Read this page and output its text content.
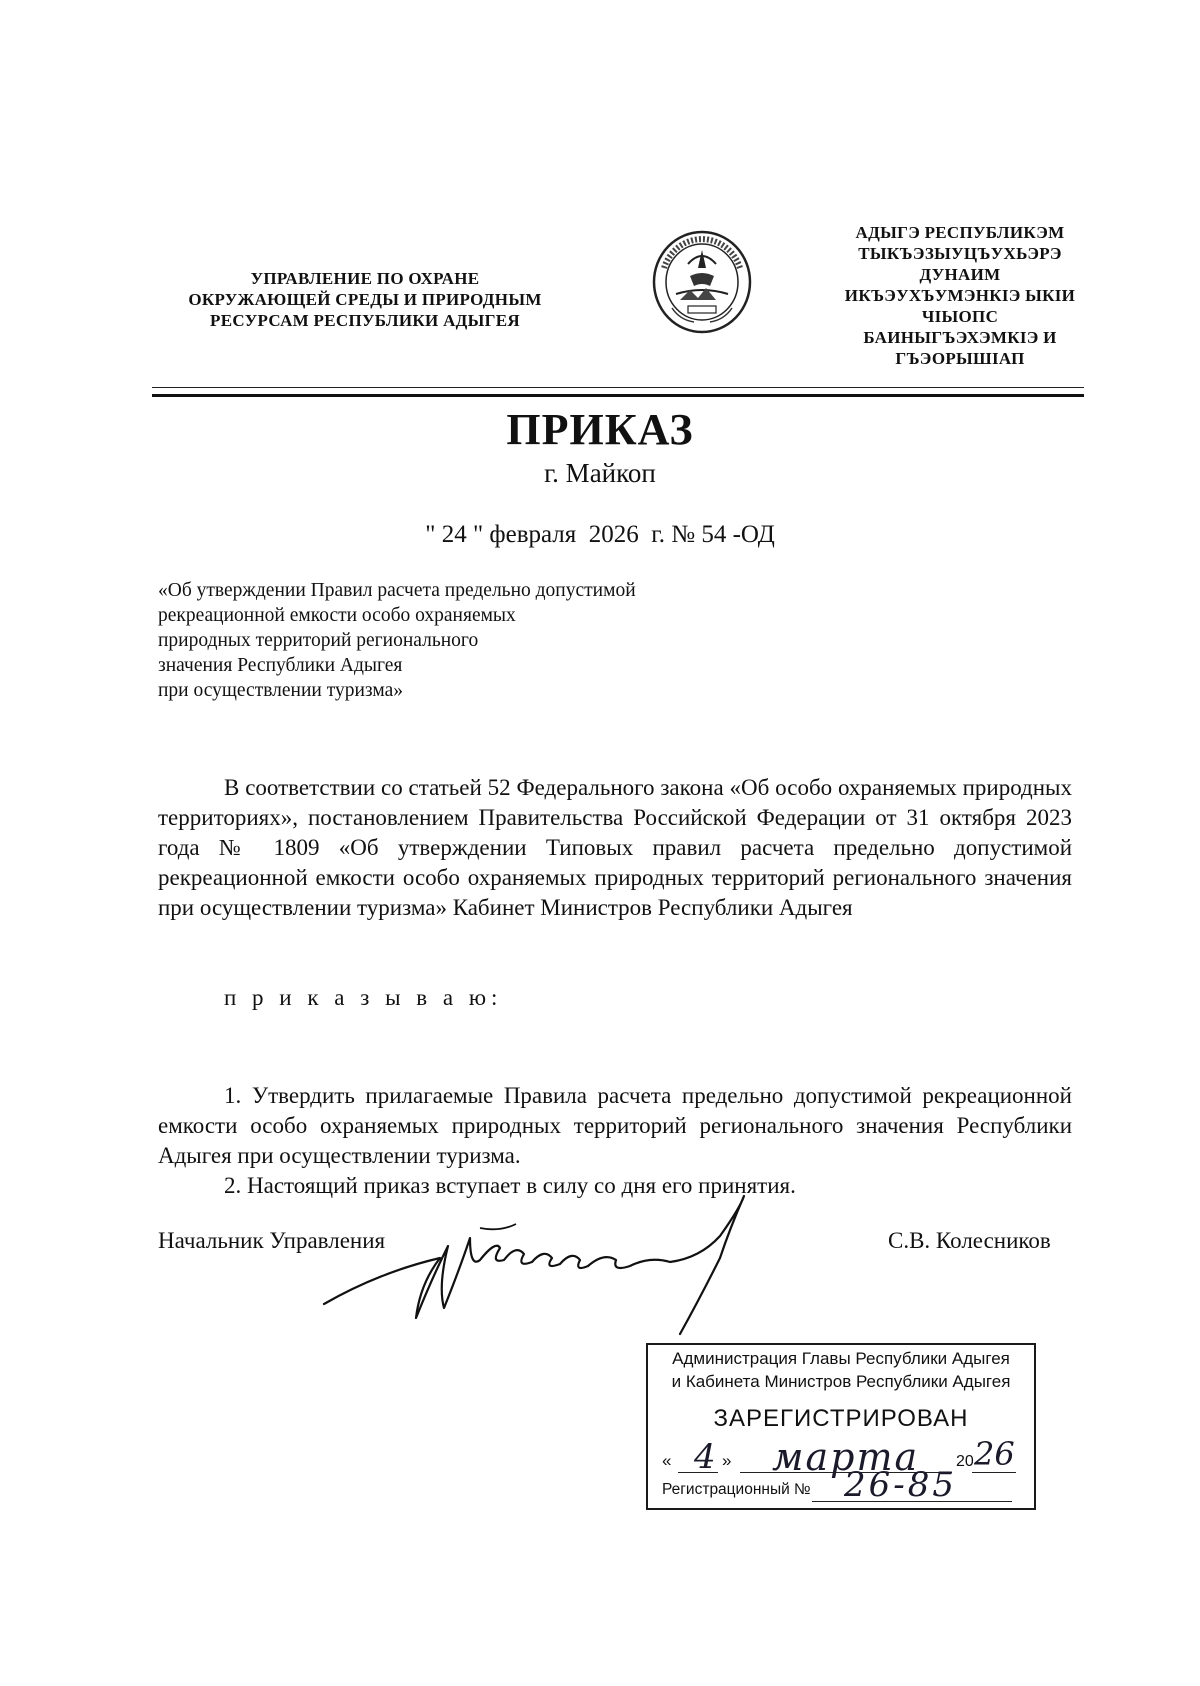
УПРАВЛЕНИЕ ПО ОХРАНЕ
ОКРУЖАЮЩЕЙ СРЕДЫ И ПРИРОДНЫМ
РЕСУРСАМ РЕСПУБЛИКИ АДЫГЕЯ
АДЫГЭ РЕСПУБЛИКЭМ
ТЫКЪЭЗЫУЦЪУХЬЭРЭ
ДУНАИМ
ИКЪЭУХЪУМЭНКIЭ ЫКIИ
ЧIЫОПС
БАИНЫГЪЭХЭМКIЭ И
ГЪЭОРЫШIАП
ПРИКАЗ
г. Майкоп
" 24 " февраля  2026  г. № 54 -ОД
«Об утверждении Правил расчета предельно допустимой
рекреационной емкости особо охраняемых
природных территорий регионального
значения Республики Адыгея
при осуществлении туризма»

В соответствии со статьей 52 Федерального закона «Об особо охраняемых природных территориях», постановлением Правительства Российской Федерации от 31 октября 2023 года № 1809 «Об утверждении Типовых правил расчета предельно допустимой рекреационной емкости особо охраняемых природных территорий регионального значения при осуществлении туризма» Кабинет Министров Республики Адыгея

п р и к а з ы в а ю:

1. Утвердить прилагаемые Правила расчета предельно допустимой рекреационной емкости особо охраняемых природных территорий регионального значения Республики Адыгея при осуществлении туризма.

2. Настоящий приказ вступает в силу со дня его принятия.

Начальник Управления	С.В. Колесников
Администрация Главы Республики Адыгея
и Кабинета Министров Республики Адыгея
ЗАРЕГИСТРИРОВАН
« 4 » марта 20 26
Регистрационный № 26-85
